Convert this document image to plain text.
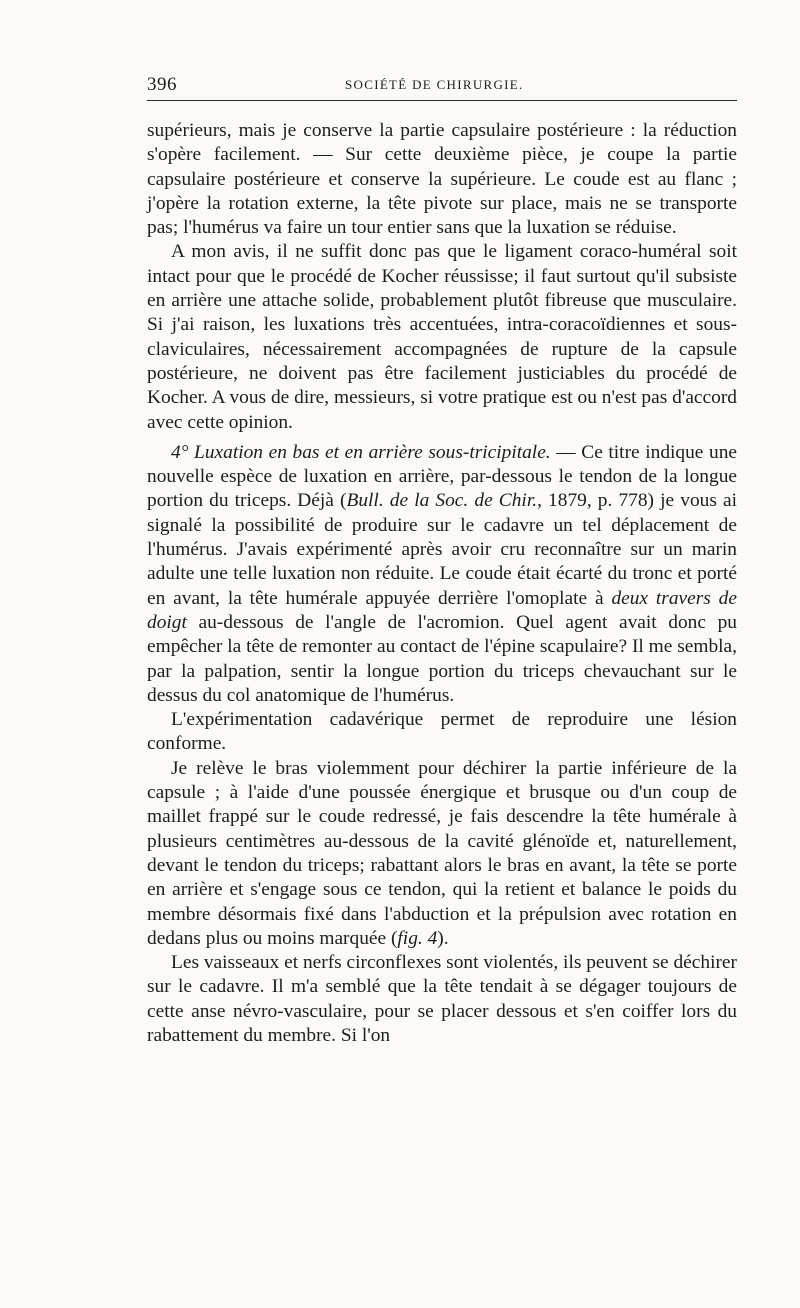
396	SOCIÉTÉ DE CHIRURGIE.

supérieurs, mais je conserve la partie capsulaire postérieure : la réduction s'opère facilement. — Sur cette deuxième pièce, je coupe la partie capsulaire postérieure et conserve la supérieure. Le coude est au flanc ; j'opère la rotation externe, la tête pivote sur place, mais ne se transporte pas; l'humérus va faire un tour entier sans que la luxation se réduise.

A mon avis, il ne suffit donc pas que le ligament coraco-huméral soit intact pour que le procédé de Kocher réussisse; il faut surtout qu'il subsiste en arrière une attache solide, probablement plutôt fibreuse que musculaire. Si j'ai raison, les luxations très accentuées, intra-coracoïdiennes et sous-claviculaires, nécessairement accompagnées de rupture de la capsule postérieure, ne doivent pas être facilement justiciables du procédé de Kocher. A vous de dire, messieurs, si votre pratique est ou n'est pas d'accord avec cette opinion.

4° Luxation en bas et en arrière sous-tricipitale. — Ce titre indique une nouvelle espèce de luxation en arrière, par-dessous le tendon de la longue portion du triceps. Déjà (Bull. de la Soc. de Chir., 1879, p. 778) je vous ai signalé la possibilité de produire sur le cadavre un tel déplacement de l'humérus. J'avais expérimenté après avoir cru reconnaître sur un marin adulte une telle luxation non réduite. Le coude était écarté du tronc et porté en avant, la tête humérale appuyée derrière l'omoplate à deux travers de doigt au-dessous de l'angle de l'acromion. Quel agent avait donc pu empêcher la tête de remonter au contact de l'épine scapulaire? Il me sembla, par la palpation, sentir la longue portion du triceps chevauchant sur le dessus du col anatomique de l'humérus.

L'expérimentation cadavérique permet de reproduire une lésion conforme.

Je relève le bras violemment pour déchirer la partie inférieure de la capsule ; à l'aide d'une poussée énergique et brusque ou d'un coup de maillet frappé sur le coude redressé, je fais descendre la tête humérale à plusieurs centimètres au-dessous de la cavité glénoïde et, naturellement, devant le tendon du triceps; rabattant alors le bras en avant, la tête se porte en arrière et s'engage sous ce tendon, qui la retient et balance le poids du membre désormais fixé dans l'abduction et la prépulsion avec rotation en dedans plus ou moins marquée (fig. 4).

Les vaisseaux et nerfs circonflexes sont violentés, ils peuvent se déchirer sur le cadavre. Il m'a semblé que la tête tendait à se dégager toujours de cette anse névro-vasculaire, pour se placer dessous et s'en coiffer lors du rabattement du membre. Si l'on
